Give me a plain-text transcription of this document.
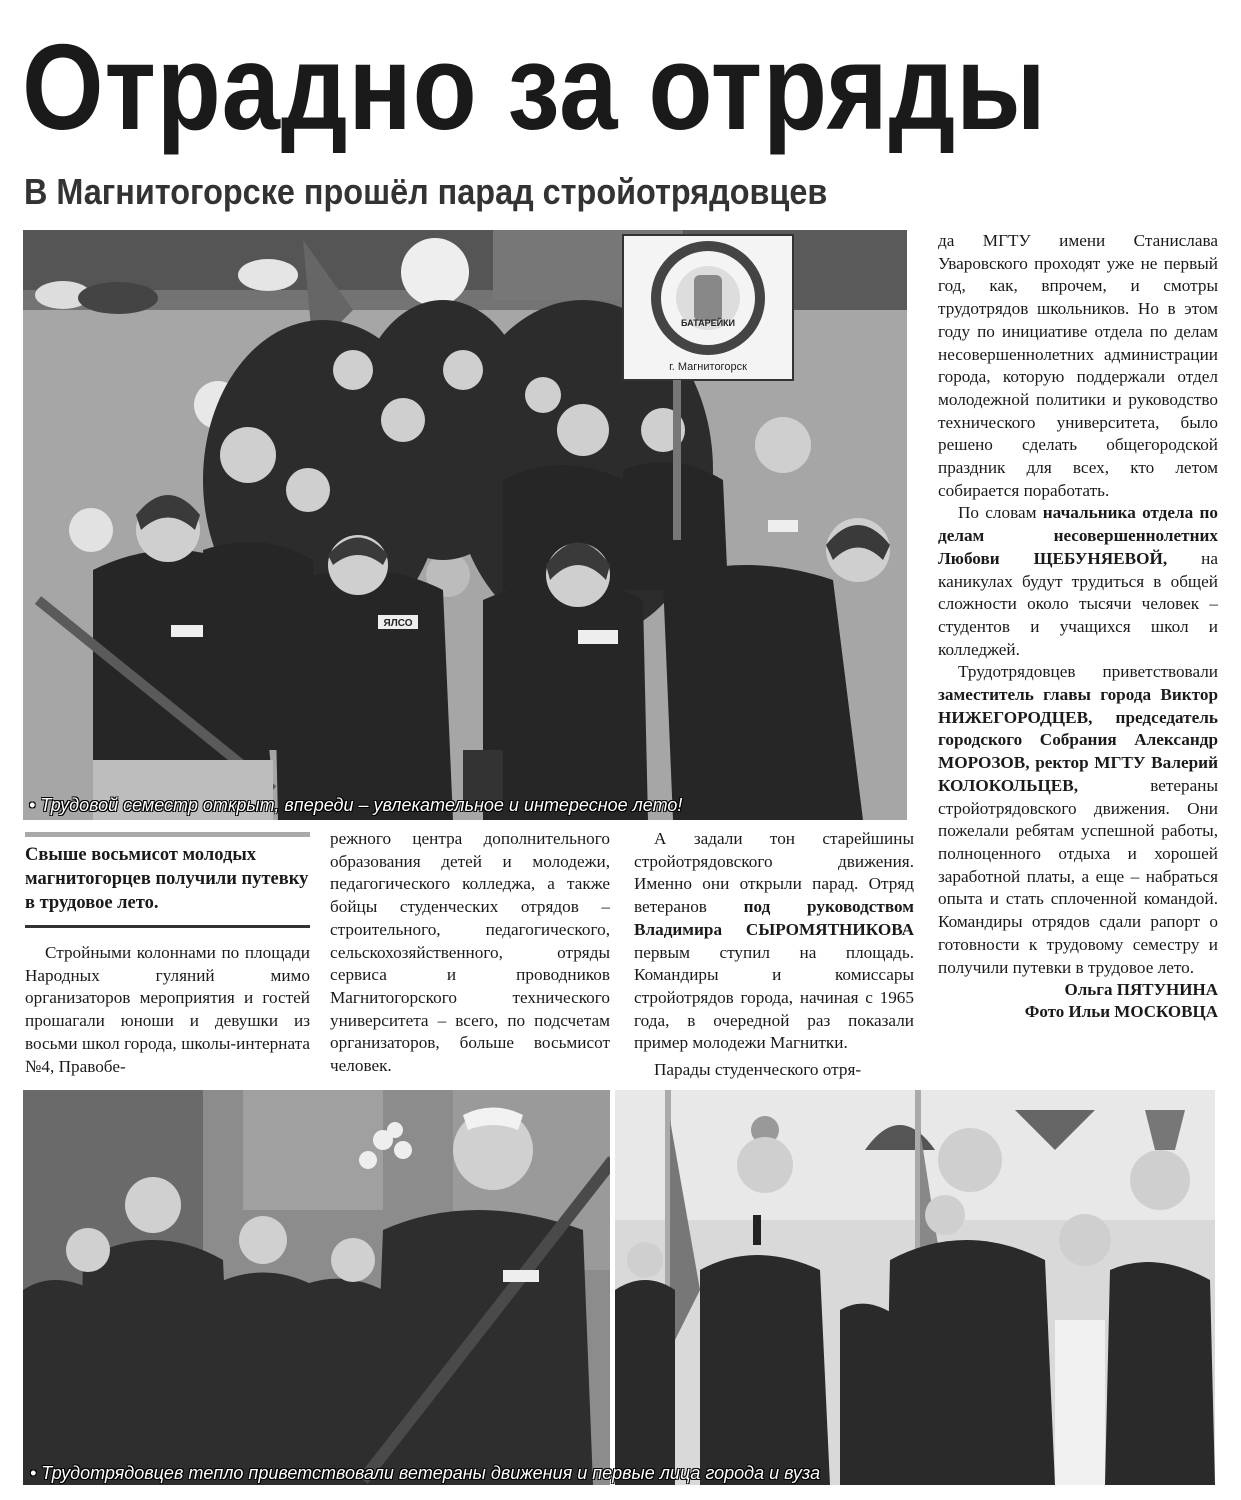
Отрадно за отряды
В Магнитогорске прошёл парад стройотрядовцев
БАТАРЕЙКИ
г. Магнитогорск
ЯЛСО
• Трудовой семестр открыт, впереди – увлекательное и интересное лето!
Свыше восьмисот молодых магнитогорцев получили путевку в трудовое лето.

Стройными колоннами по площади Народных гуляний мимо организаторов мероприятия и гостей прошагали юноши и девушки из восьми школ города, школы-интерната №4, Правобе-

режного центра дополнительного образования детей и молодежи, педагогического колледжа, а также бойцы студенческих отрядов – строительного, педагогического, сельскохозяйственного, отряды сервиса и проводников Магнитогорского технического университета – всего, по подсчетам организаторов, больше восьмисот человек.

А задали тон старейшины стройотрядовского движения. Именно они открыли парад. Отряд ветеранов под руководством Владимира СЫРОМЯТНИКОВА первым ступил на площадь. Командиры и комиссары стройотрядов города, начиная с 1965 года, в очередной раз показали пример молодежи Магнитки.

Парады студенческого отря-

да МГТУ имени Станислава Уваровского проходят уже не первый год, как, впрочем, и смотры трудотрядов школьников. Но в этом году по инициативе отдела по делам несовершеннолетних администрации города, которую поддержали отдел молодежной политики и руководство технического университета, было решено сделать общегородской праздник для всех, кто летом собирается поработать.

По словам начальника отдела по делам несовершеннолетних Любови ЩЕБУНЯЕВОЙ, на каникулах будут трудиться в общей сложности около тысячи человек – студентов и учащихся школ и колледжей.

Трудотрядовцев приветствовали заместитель главы города Виктор НИЖЕГОРОДЦЕВ, председатель городского Собрания Александр МОРОЗОВ, ректор МГТУ Валерий КОЛОКОЛЬЦЕВ, ветераны стройотрядовского движения. Они пожелали ребятам успешной работы, полноценного отдыха и хорошей заработной платы, а еще – набраться опыта и стать сплоченной командой. Командиры отрядов сдали рапорт о готовности к трудовому семестру и получили путевки в трудовое лето.

Ольга ПЯТУНИНА
Фото Ильи МОСКОВЦА
• Трудотрядовцев тепло приветствовали ветераны движения и первые лица города и вуза
